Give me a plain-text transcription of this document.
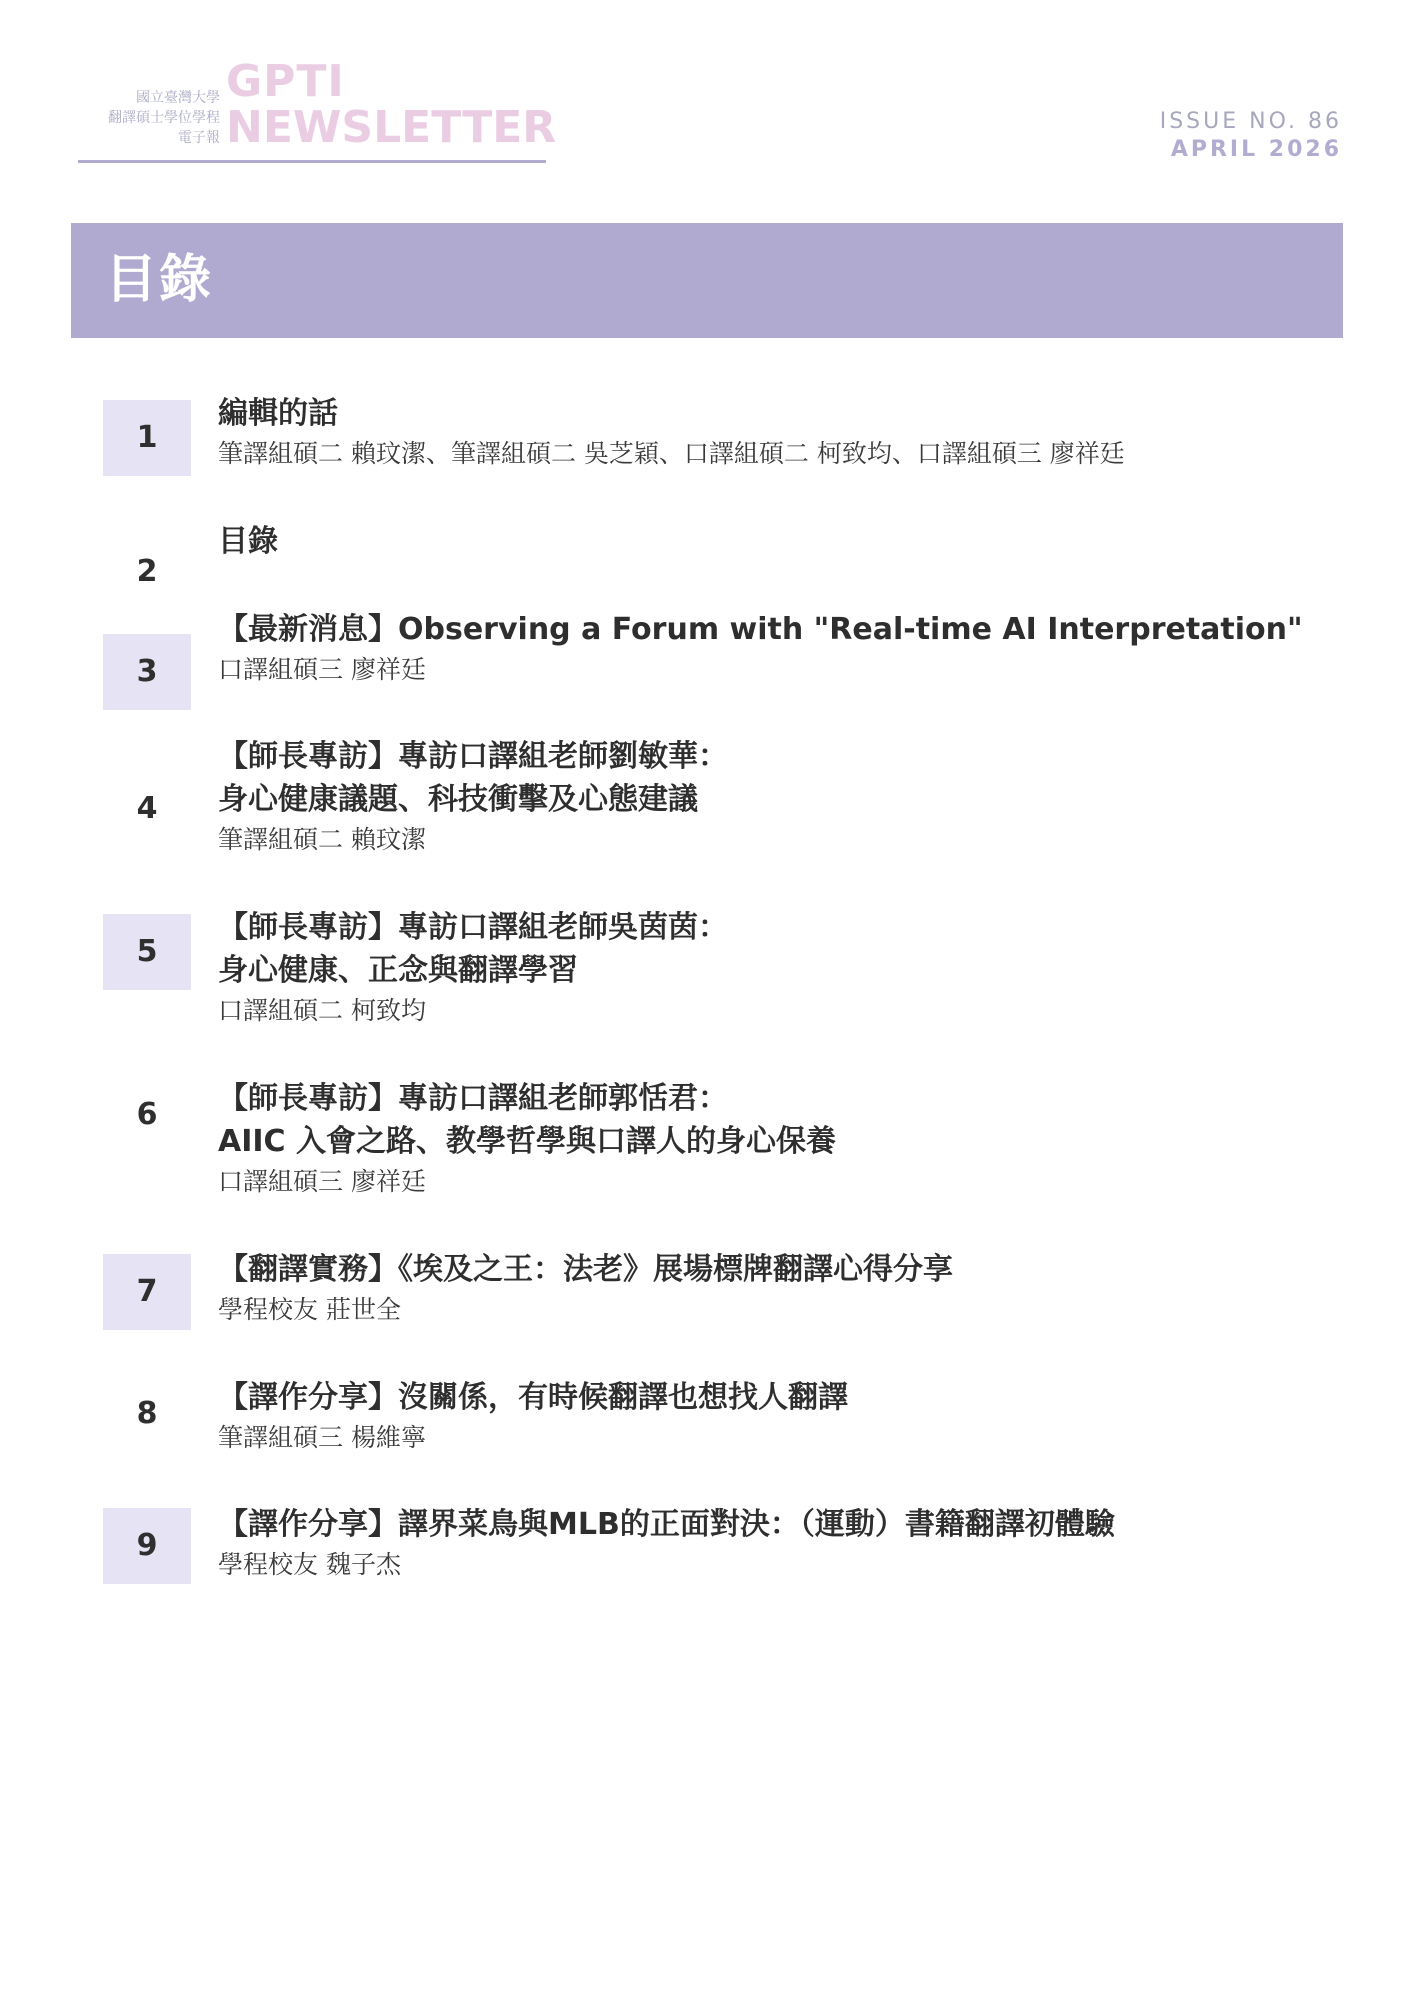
國立臺灣大學
翻譯碩士學位學程
電子報
GPTI
NEWSLETTER	ISSUE NO. 86
APRIL 2026
目錄
1
編輯的話
筆譯組碩二 賴玟潔、筆譯組碩二 吳芝穎、口譯組碩二 柯致均、口譯組碩三 廖祥廷
2
目錄
3
【最新消息】Observing a Forum with "Real-time AI Interpretation"
口譯組碩三 廖祥廷
4
【師長專訪】專訪口譯組老師劉敏華：
身心健康議題、科技衝擊及心態建議
筆譯組碩二 賴玟潔
5
【師長專訪】專訪口譯組老師吳茵茵：
身心健康、正念與翻譯學習
口譯組碩二 柯致均
6	【師長專訪】專訪口譯組老師郭恬君：
AIIC 入會之路、教學哲學與口譯人的身心保養
口譯組碩三 廖祥廷
7
【翻譯實務】《埃及之王：法老》展場標牌翻譯心得分享
學程校友 莊世全
8	【譯作分享】沒關係，有時候翻譯也想找人翻譯
筆譯組碩三 楊維寧
9
【譯作分享】譯界菜鳥與MLB的正面對決：（運動）書籍翻譯初體驗
學程校友 魏子杰
